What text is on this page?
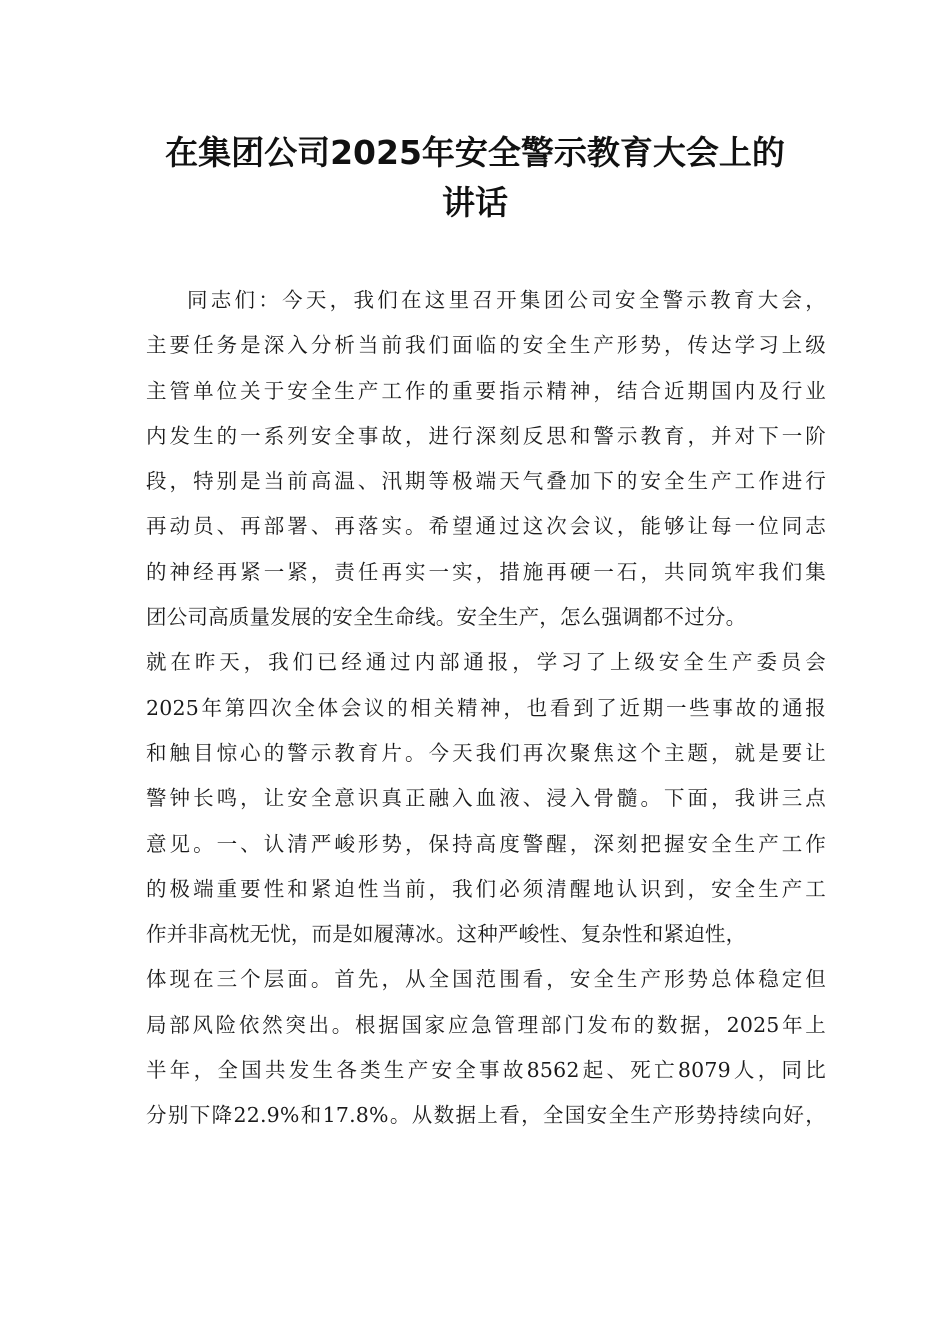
在集团公司2025年安全警示教育大会上的
讲话
同志们：今天，我们在这里召开集团公司安全警示教育大会，
主要任务是深入分析当前我们面临的安全生产形势，传达学习上级
主管单位关于安全生产工作的重要指示精神，结合近期国内及行业
内发生的一系列安全事故，进行深刻反思和警示教育，并对下一阶
段，特别是当前高温、汛期等极端天气叠加下的安全生产工作进行
再动员、再部署、再落实。希望通过这次会议，能够让每一位同志
的神经再紧一紧，责任再实一实，措施再硬一石，共同筑牢我们集
团公司高质量发展的安全生命线。安全生产，怎么强调都不过分。
就在昨天，我们已经通过内部通报，学习了上级安全生产委员会
2025年第四次全体会议的相关精神，也看到了近期一些事故的通报
和触目惊心的警示教育片。今天我们再次聚焦这个主题，就是要让
警钟长鸣，让安全意识真正融入血液、浸入骨髓。下面，我讲三点
意见。一、认清严峻形势，保持高度警醒，深刻把握安全生产工作
的极端重要性和紧迫性当前，我们必须清醒地认识到，安全生产工
作并非高枕无忧，而是如履薄冰。这种严峻性、复杂性和紧迫性，
体现在三个层面。首先，从全国范围看，安全生产形势总体稳定但
局部风险依然突出。根据国家应急管理部门发布的数据，2025年上
半年，全国共发生各类生产安全事故8562起、死亡8079人，同比
分别下降22.9%和17.8%。从数据上看，全国安全生产形势持续向好，
